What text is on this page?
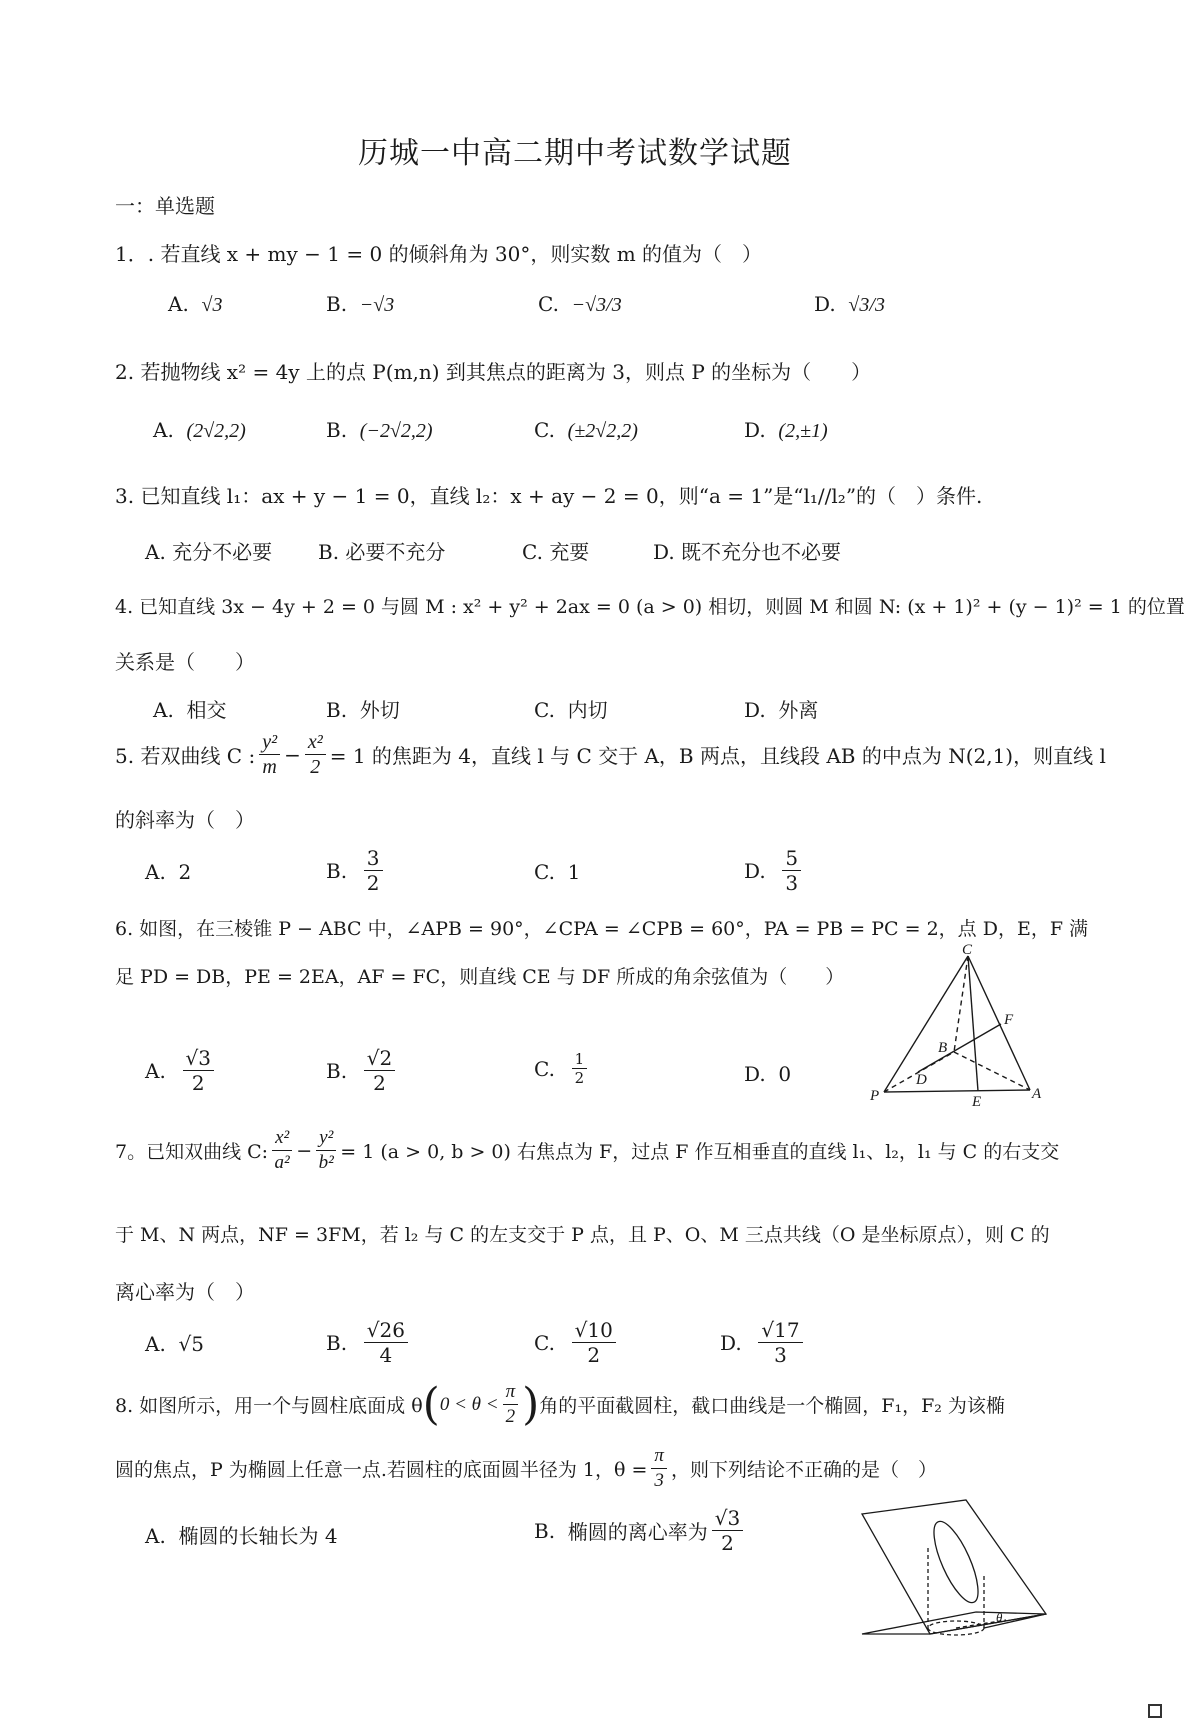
历城一中高二期中考试数学试题
一：单选题
1．. 若直线 x + my − 1 = 0 的倾斜角为 30°，则实数 m 的值为（　）
A. √3	B. −√3	C. −√3/3	D. √3/3
2. 若抛物线 x² = 4y 上的点 P(m,n) 到其焦点的距离为 3，则点 P 的坐标为（　　）
A. (2√2,2)	B. (−2√2,2)	C. (±2√2,2)	D. (2,±1)
3. 已知直线 l₁：ax + y − 1 = 0，直线 l₂：x + ay − 2 = 0，则“a = 1”是“l₁//l₂”的（　）条件.
A. 充分不必要 B. 必要不充分	C. 充要	D. 既不充分也不必要
4. 已知直线 3x − 4y + 2 = 0 与圆 M : x² + y² + 2ax = 0 (a > 0) 相切，则圆 M 和圆 N: (x + 1)² + (y − 1)² = 1 的位置
关系是（　　）
A. 相交	B. 外切	C. 内切	D. 外离
5. 若双曲线 C : $\frac{\text{y²}}{m} - \frac{\text{x²}}{2} = 1$ 的焦距为 4，直线 l 与 C 交于 A，B 两点，且线段 AB 的中点为 N(2,1)，则直线 l
的斜率为（　）
A. 2	B.
$\frac{3}{2}$	C. 1	D.
$\frac{5}{3}$
6. 如图，在三棱锥 P − ABC 中，∠APB = 90°，∠CPA = ∠CPB = 60°，PA = PB = PC = 2，点 D，E，F 满
足 PD = DB，PE = 2EA，AF = FC，则直线 CE 与 DF 所成的角余弦值为（　　）
A.
$\frac{√3}{2}$	B.
$\frac{√2}{2}$	C.
$\frac{1}{2}$	D. 0
C
F
B
D
P	E	A
7。已知双曲线 C: $\frac{\text{x²}}{\text{a²}} - \frac{\text{y²}}{\text{b²}} = 1$ (a > 0, b > 0) 右焦点为 F，过点 F 作互相垂直的直线 l₁、l₂，l₁ 与 C 的右支交
于 M、N 两点，NF = 3FM，若 l₂ 与 C 的左支交于 P 点，且 P、O、M 三点共线（O 是坐标原点），则 C 的
离心率为（　）
A. √5	B.
$\frac{√26}{4}$	C.
$\frac{√10}{2}$	D.
$\frac{√17}{3}$
8. 如图所示，用一个与圆柱底面成 θ ( $0 < \theta < \frac{\pi}{2}$ ) 角的平面截圆柱，截口曲线是一个椭圆，F₁，F₂ 为该椭
圆的焦点，P 为椭圆上任意一点.若圆柱的底面圆半径为 1，$\theta = \frac{\pi}{3}$ ，则下列结论不正确的是（　）
A. 椭圆的长轴长为 4	B.
椭圆的离心率为 $\frac{√3}{2}$
θ
